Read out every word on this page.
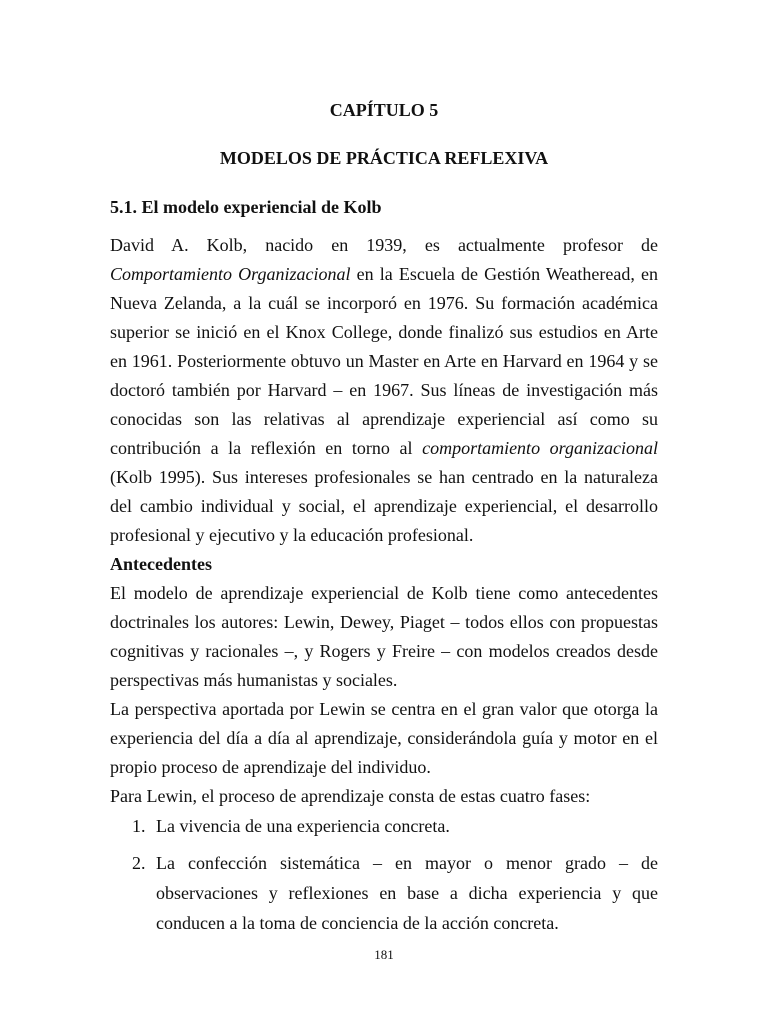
CAPÍTULO 5
MODELOS DE PRÁCTICA REFLEXIVA
5.1. El modelo experiencial de Kolb

David A. Kolb, nacido en 1939, es actualmente profesor de Comportamiento Organizacional en la Escuela de Gestión Weatheread, en Nueva Zelanda, a la cuál se incorporó en 1976. Su formación académica superior se inició en el Knox College, donde finalizó sus estudios en Arte en 1961. Posteriormente obtuvo un Master en Arte en Harvard en 1964 y se doctoró también por Harvard – en 1967. Sus líneas de investigación más conocidas son las relativas al aprendizaje experiencial así como su contribución a la reflexión en torno al comportamiento organizacional (Kolb 1995). Sus intereses profesionales se han centrado en la naturaleza del cambio individual y social, el aprendizaje experiencial, el desarrollo profesional y ejecutivo y la educación profesional.

Antecedentes

El modelo de aprendizaje experiencial de Kolb tiene como antecedentes doctrinales los autores: Lewin, Dewey, Piaget – todos ellos con propuestas cognitivas y racionales –, y Rogers y Freire – con modelos creados desde perspectivas más humanistas y sociales.

La perspectiva aportada por Lewin se centra en el gran valor que otorga la experiencia del día a día al aprendizaje, considerándola guía y motor en el propio proceso de aprendizaje del individuo.

Para Lewin, el proceso de aprendizaje consta de estas cuatro fases:

1. La vivencia de una experiencia concreta.
2. La confección sistemática – en mayor o menor grado – de observaciones y reflexiones en base a dicha experiencia y que conducen a la toma de conciencia de la acción concreta.
181
